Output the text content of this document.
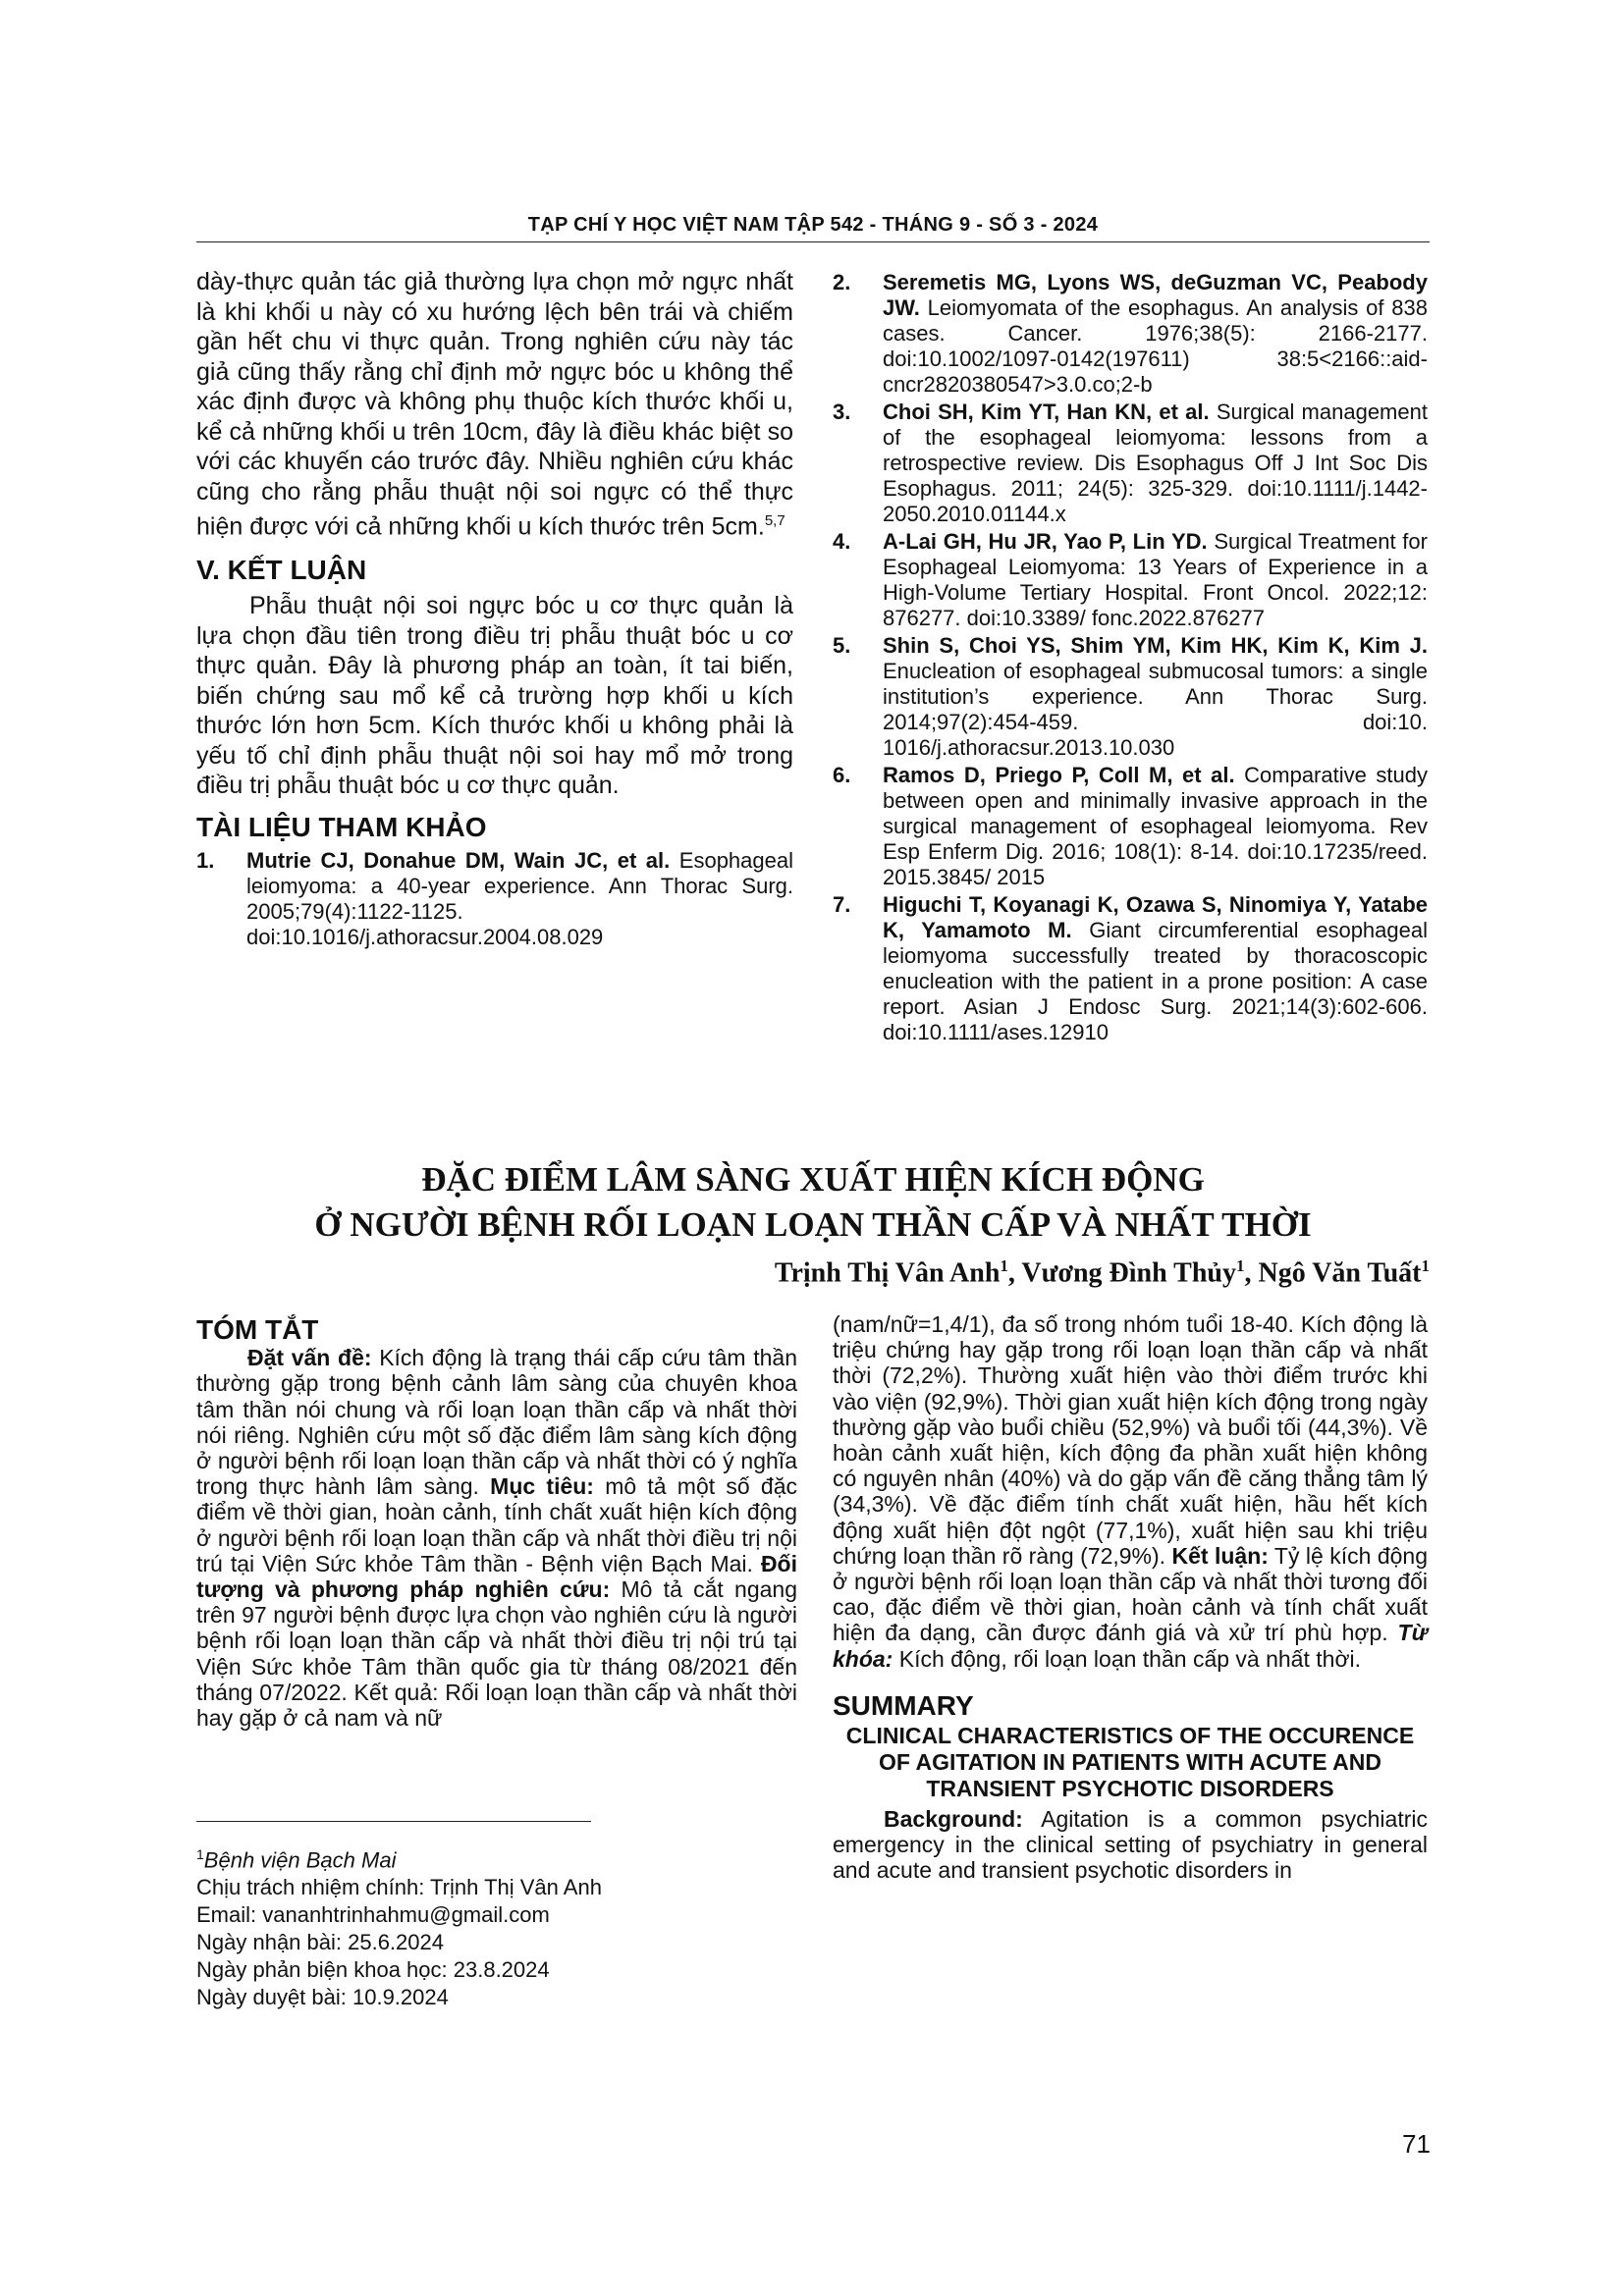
TẠP CHÍ Y HỌC VIỆT NAM TẬP 542 - THÁNG 9 - SỐ 3 - 2024

dày-thực quản tác giả thường lựa chọn mở ngực nhất là khi khối u này có xu hướng lệch bên trái và chiếm gần hết chu vi thực quản. Trong nghiên cứu này tác giả cũng thấy rằng chỉ định mở ngực bóc u không thể xác định được và không phụ thuộc kích thước khối u, kể cả những khối u trên 10cm, đây là điều khác biệt so với các khuyến cáo trước đây. Nhiều nghiên cứu khác cũng cho rằng phẫu thuật nội soi ngực có thể thực hiện được với cả những khối u kích thước trên 5cm.$^{5,7}$

V. KẾT LUẬN

Phẫu thuật nội soi ngực bóc u cơ thực quản là lựa chọn đầu tiên trong điều trị phẫu thuật bóc u cơ thực quản. Đây là phương pháp an toàn, ít tai biến, biến chứng sau mổ kể cả trường hợp khối u kích thước lớn hơn 5cm. Kích thước khối u không phải là yếu tố chỉ định phẫu thuật nội soi hay mổ mở trong điều trị phẫu thuật bóc u cơ thực quản.

TÀI LIỆU THAM KHẢO
1.	Mutrie CJ, Donahue DM, Wain JC, et al. Esophageal leiomyoma: a 40-year experience. Ann Thorac Surg. 2005;79(4):1122-1125. doi:10.1016/j.athoracsur.2004.08.029
2.	Seremetis MG, Lyons WS, deGuzman VC, Peabody JW. Leiomyomata of the esophagus. An analysis of 838 cases. Cancer. 1976;38(5): 2166-2177. doi:10.1002/1097-0142(197611) 38:5<2166::aid-cncr2820380547>3.0.co;2-b
3.	Choi SH, Kim YT, Han KN, et al. Surgical management of the esophageal leiomyoma: lessons from a retrospective review. Dis Esophagus Off J Int Soc Dis Esophagus. 2011; 24(5): 325-329. doi:10.1111/j.1442-2050.2010.01144.x
4.	A-Lai GH, Hu JR, Yao P, Lin YD. Surgical Treatment for Esophageal Leiomyoma: 13 Years of Experience in a High-Volume Tertiary Hospital. Front Oncol. 2022;12: 876277. doi:10.3389/ fonc.2022.876277
5.	Shin S, Choi YS, Shim YM, Kim HK, Kim K, Kim J. Enucleation of esophageal submucosal tumors: a single institution’s experience. Ann Thorac Surg. 2014;97(2):454-459. doi:10. 1016/j.athoracsur.2013.10.030
6.	Ramos D, Priego P, Coll M, et al. Comparative study between open and minimally invasive approach in the surgical management of esophageal leiomyoma. Rev Esp Enferm Dig. 2016; 108(1): 8-14. doi:10.17235/reed. 2015.3845/ 2015
7.	Higuchi T, Koyanagi K, Ozawa S, Ninomiya Y, Yatabe K, Yamamoto M. Giant circumferential esophageal leiomyoma successfully treated by thoracoscopic enucleation with the patient in a prone position: A case report. Asian J Endosc Surg. 2021;14(3):602-606. doi:10.1111/ases.12910
ĐẶC ĐIỂM LÂM SÀNG XUẤT HIỆN KÍCH ĐỘNG
Ở NGƯỜI BỆNH RỐI LOẠN LOẠN THẦN CẤP VÀ NHẤT THỜI
Trịnh Thị Vân Anh$^1$, Vương Đình Thủy$^1$, Ngô Văn Tuất$^1$
TÓM TẮT

Đặt vấn đề: Kích động là trạng thái cấp cứu tâm thần thường gặp trong bệnh cảnh lâm sàng của chuyên khoa tâm thần nói chung và rối loạn loạn thần cấp và nhất thời nói riêng. Nghiên cứu một số đặc điểm lâm sàng kích động ở người bệnh rối loạn loạn thần cấp và nhất thời có ý nghĩa trong thực hành lâm sàng. Mục tiêu: mô tả một số đặc điểm về thời gian, hoàn cảnh, tính chất xuất hiện kích động ở người bệnh rối loạn loạn thần cấp và nhất thời điều trị nội trú tại Viện Sức khỏe Tâm thần - Bệnh viện Bạch Mai. Đối tượng và phương pháp nghiên cứu: Mô tả cắt ngang trên 97 người bệnh được lựa chọn vào nghiên cứu là người bệnh rối loạn loạn thần cấp và nhất thời điều trị nội trú tại Viện Sức khỏe Tâm thần quốc gia từ tháng 08/2021 đến tháng 07/2022. Kết quả: Rối loạn loạn thần cấp và nhất thời hay gặp ở cả nam và nữ

(nam/nữ=1,4/1), đa số trong nhóm tuổi 18-40. Kích động là triệu chứng hay gặp trong rối loạn loạn thần cấp và nhất thời (72,2%). Thường xuất hiện vào thời điểm trước khi vào viện (92,9%). Thời gian xuất hiện kích động trong ngày thường gặp vào buổi chiều (52,9%) và buổi tối (44,3%). Về hoàn cảnh xuất hiện, kích động đa phần xuất hiện không có nguyên nhân (40%) và do gặp vấn đề căng thẳng tâm lý (34,3%). Về đặc điểm tính chất xuất hiện, hầu hết kích động xuất hiện đột ngột (77,1%), xuất hiện sau khi triệu chứng loạn thần rõ ràng (72,9%). Kết luận: Tỷ lệ kích động ở người bệnh rối loạn loạn thần cấp và nhất thời tương đối cao, đặc điểm về thời gian, hoàn cảnh và tính chất xuất hiện đa dạng, cần được đánh giá và xử trí phù hợp. Từ khóa: Kích động, rối loạn loạn thần cấp và nhất thời.

SUMMARY
CLINICAL CHARACTERISTICS OF THE OCCURENCE OF AGITATION IN PATIENTS WITH ACUTE AND TRANSIENT PSYCHOTIC DISORDERS

Background: Agitation is a common psychiatric emergency in the clinical setting of psychiatry in general and acute and transient psychotic disorders in

$^1$Bệnh viện Bạch Mai
Chịu trách nhiệm chính: Trịnh Thị Vân Anh
Email: vananhtrinhahmu@gmail.com
Ngày nhận bài: 25.6.2024
Ngày phản biện khoa học: 23.8.2024
Ngày duyệt bài: 10.9.2024
71
